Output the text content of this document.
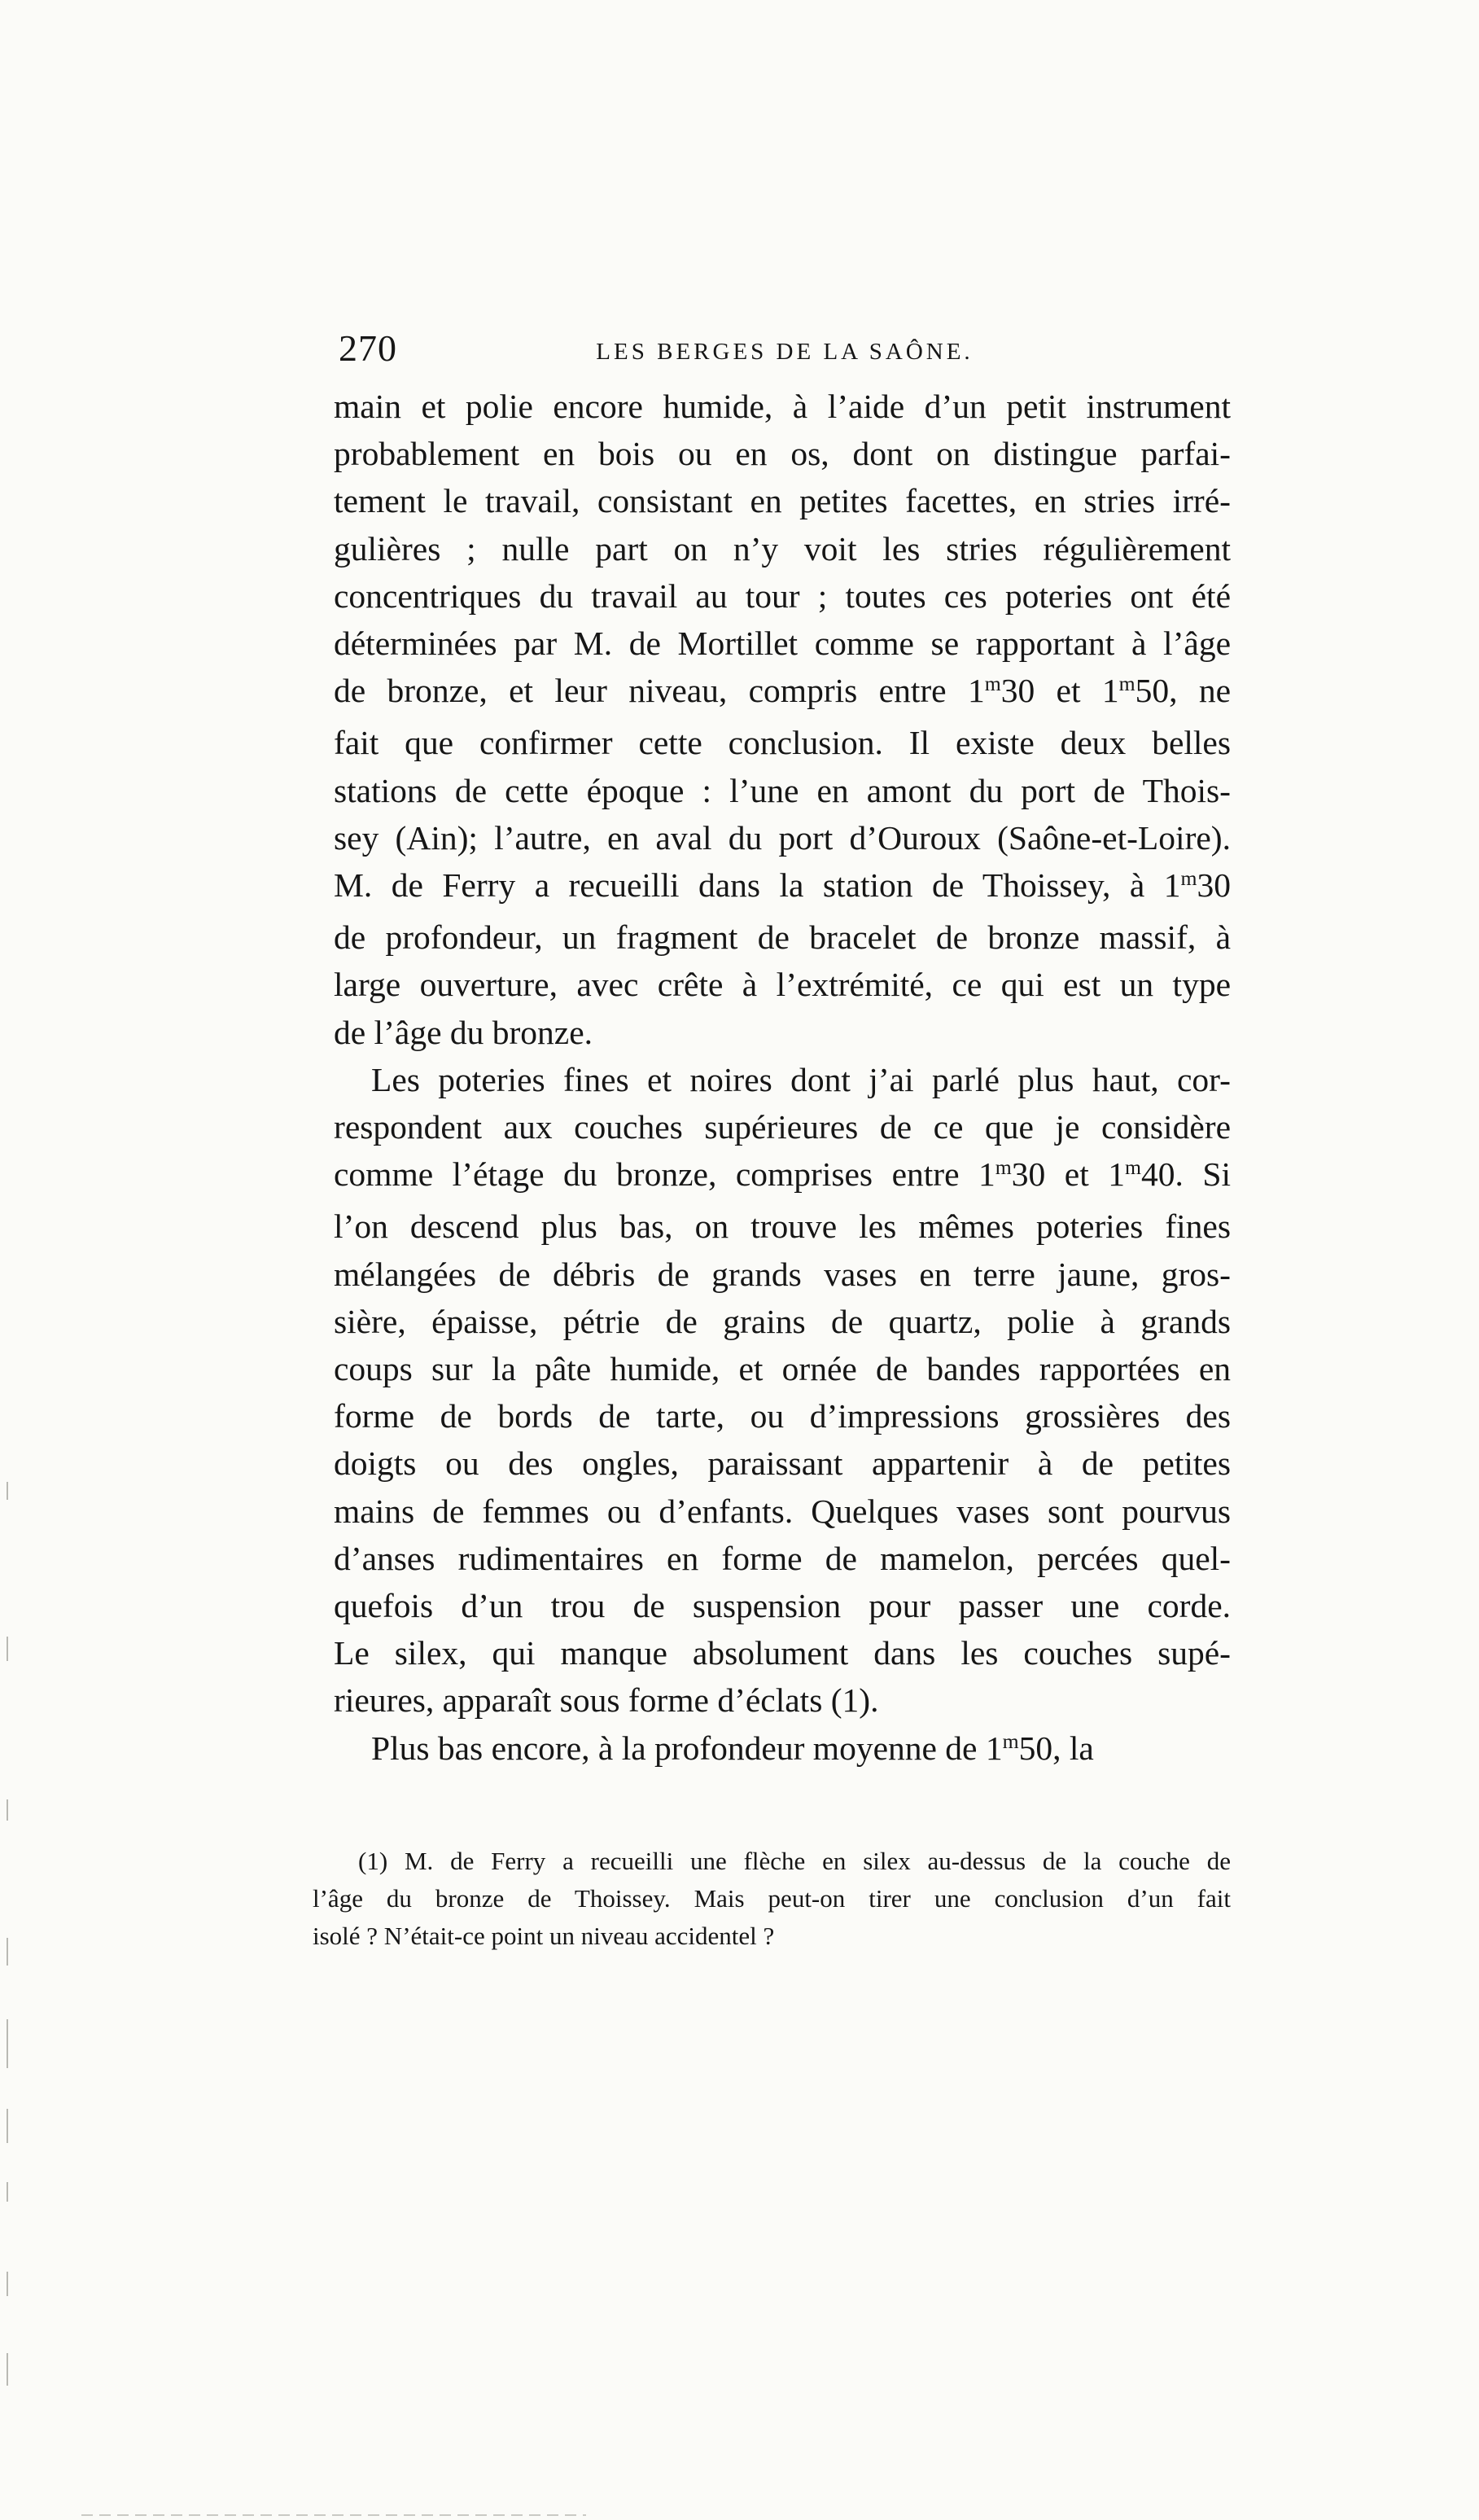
270	LES BERGES DE LA SAÔNE.

main et polie encore humide, à l’aide d’un petit instrument
probablement en bois ou en os, dont on distingue parfai-
tement le travail, consistant en petites facettes, en stries irré-
gulières ; nulle part on n’y voit les stries régulièrement
concentriques du travail au tour ; toutes ces poteries ont été
déterminées par M. de Mortillet comme se rapportant à l’âge
de bronze, et leur niveau, compris entre 1$^m$30 et 1$^m$50, ne
fait que confirmer cette conclusion. Il existe deux belles
stations de cette époque : l’une en amont du port de Thois-
sey (Ain); l’autre, en aval du port d’Ouroux (Saône-et-Loire).
M. de Ferry a recueilli dans la station de Thoissey, à 1$^m$30
de profondeur, un fragment de bracelet de bronze massif, à
large ouverture, avec crête à l’extrémité, ce qui est un type
de l’âge du bronze.

Les poteries fines et noires dont j’ai parlé plus haut, cor-
respondent aux couches supérieures de ce que je considère
comme l’étage du bronze, comprises entre 1$^m$30 et 1$^m$40. Si
l’on descend plus bas, on trouve les mêmes poteries fines
mélangées de débris de grands vases en terre jaune, gros-
sière, épaisse, pétrie de grains de quartz, polie à grands
coups sur la pâte humide, et ornée de bandes rapportées en
forme de bords de tarte, ou d’impressions grossières des
doigts ou des ongles, paraissant appartenir à de petites
mains de femmes ou d’enfants. Quelques vases sont pourvus
d’anses rudimentaires en forme de mamelon, percées quel-
quefois d’un trou de suspension pour passer une corde.
Le silex, qui manque absolument dans les couches supé-
rieures, apparaît sous forme d’éclats (1).

Plus bas encore, à la profondeur moyenne de 1$^m$50, la

(1) M. de Ferry a recueilli une flèche en silex au-dessus de la couche de
l’âge du bronze de Thoissey. Mais peut-on tirer une conclusion d’un fait
isolé ? N’était-ce point un niveau accidentel ?
